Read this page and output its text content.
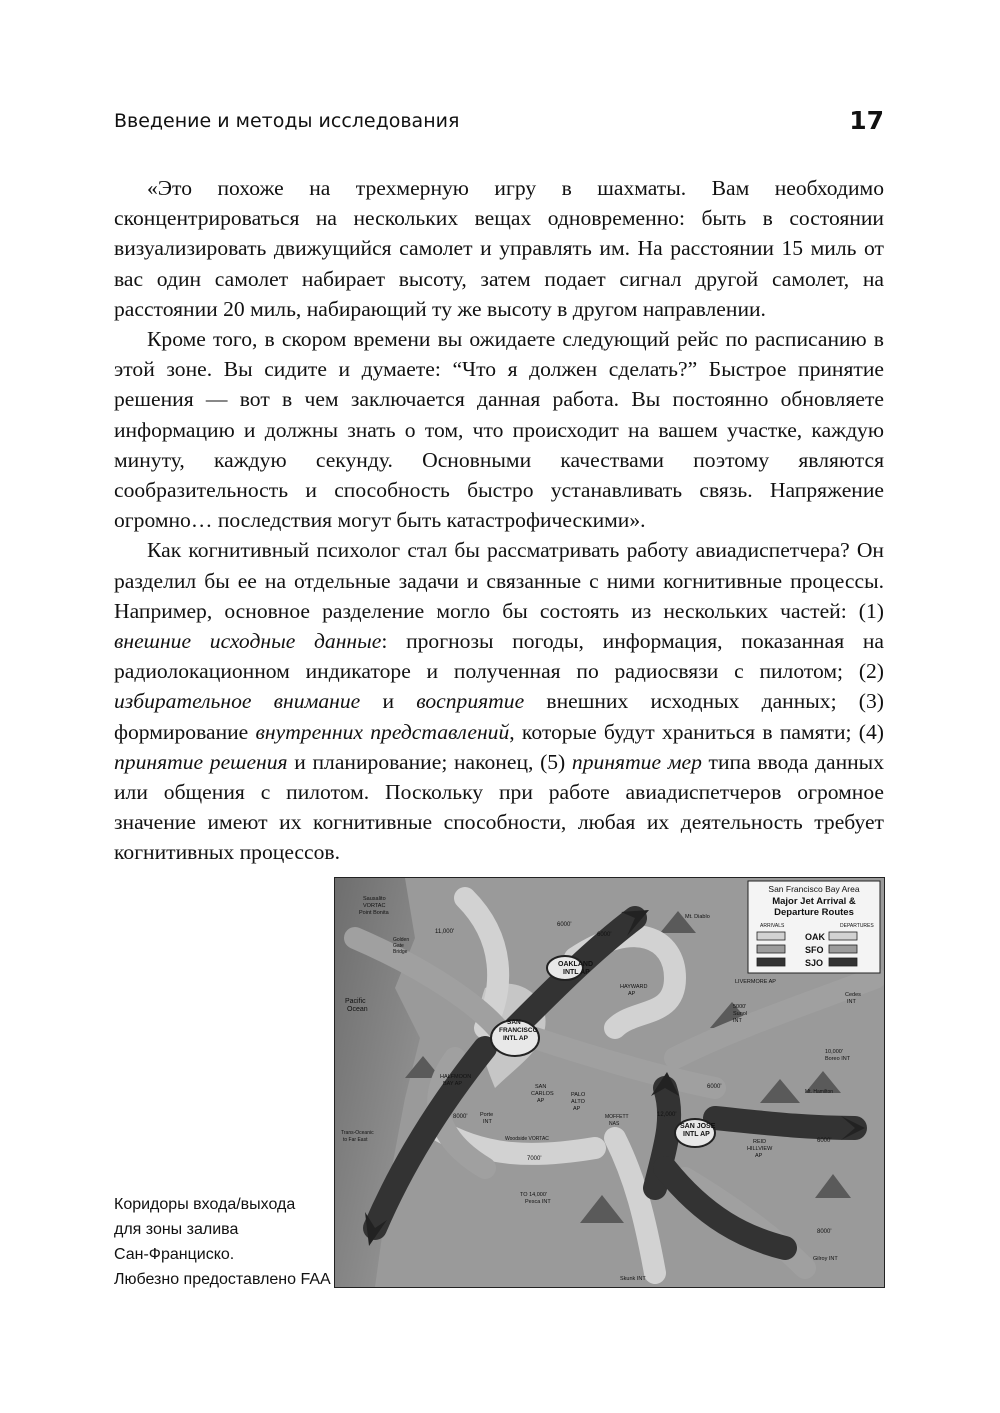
Введение и методы исследования	17

«Это похоже на трехмерную игру в шахматы. Вам необходимо сконцентрироваться на нескольких вещах одновременно: быть в состоянии визуализировать движущийся самолет и управлять им. На расстоянии 15 миль от вас один самолет набирает высоту, затем подает сигнал другой самолет, на расстоянии 20 миль, набирающий ту же высоту в другом направлении.

Кроме того, в скором времени вы ожидаете следующий рейс по расписанию в этой зоне. Вы сидите и думаете: “Что я должен сделать?” Быстрое принятие решения — вот в чем заключается данная работа. Вы постоянно обновляете информацию и должны знать о том, что происходит на вашем участке, каждую минуту, каждую секунду. Основными качествами поэтому являются сообразительность и способность быстро устанавливать связь. Напряжение огромно… последствия могут быть катастрофическими».

Как когнитивный психолог стал бы рассматривать работу авиадиспетчера? Он разделил бы ее на отдельные задачи и связанные с ними когнитивные процессы. Например, основное разделение могло бы состоять из нескольких частей: (1) внешние исходные данные: прогнозы погоды, информация, показанная на радиолокационном индикаторе и полученная по радиосвязи с пилотом; (2) избирательное внимание и восприятие внешних исходных данных; (3) формирование внутренних представлений, которые будут храниться в памяти; (4) принятие решения и планирование; наконец, (5) принятие мер типа ввода данных или общения с пилотом. Поскольку при работе авиадиспетчеров огромное значение имеют их когнитивные способности, любая их деятельность требует когнитивных процессов.

Коридоры входа/выхода
для зоны залива
Сан-Франциско.
Любезно предоставлено FAA
San Francisco Bay Area
Major Jet Arrival &
Departure Routes
ARRIVALS	DEPARTURES
OAK
SFO
SJO
OAKLAND
INTL AP
SAN
FRANCISCO
INTL AP
SAN JOSE
INTL AP
Pacific
Ocean
Sausalito
VORTAC
Point Bonita
Golden
Gate
Bridge
Mt. Diablo
HAYWARD
AP
LIVERMORE AP
Cedes
INT
5000'
Sunol
INT
10,000'
Boreo INT
HALFMOON
BAY AP	SAN
CARLOS
AP
PALO
ALTO
AP
MOFFETT
NAS
REID
HILLVIEW
AP
Mt. Hamilton
Porte
INT
Woodside VORTAC
Trans-Oceanic
to Far East
Skunk INT
Gilroy INT
6000'
6000'
6000'
11,000'
12,000'
8000'
8000'
7000'
TO 14,000'
Pesca INT
6000'
